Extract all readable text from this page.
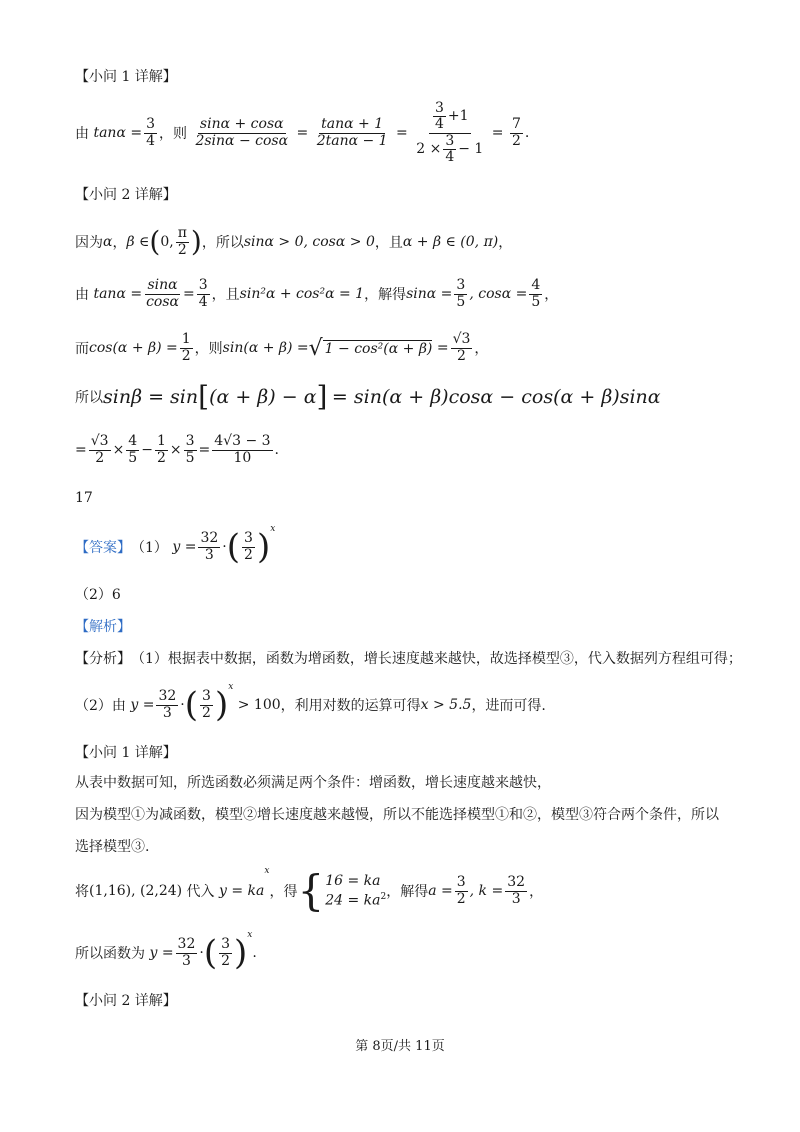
【小问 1 详解】
由
$\tan\alpha = \frac{3}{4}$ ，则
$\frac{\sin\alpha + \cos\alpha}{2\sin\alpha - \cos\alpha}$
=
$\frac{\tan\alpha + 1}{2\tan\alpha - 1}$
=
3
4
+1
$2 \times \frac{3}{4} - 1$
=
$\frac{7}{2}$ .
【小问 2 详解】
因为 α ， β
∈ ( 0,
π
2 ) ，所以 sinα > 0, cosα > 0 ，且 α + β ∈ (0, π) ，
由
$\tan\alpha = \frac{\sin\alpha}{\cos\alpha} = \frac{3}{4}$ ，且 sin²α + cos²α = 1 ，解得 $\sin\alpha = \frac{3}{5}$ , $\cos\alpha = \frac{4}{5}$ ，
而 $\cos(\alpha + \beta) = \frac{1}{2}$ ，则 sin(α + β) = √ 1 − cos²(α + β)
= $\frac{√3}{2}$ ，
所以 sinβ = sin [ (α + β) − α ]
= sin(α + β)cosα − cos(α + β)sinα
= $\frac{√3}{2} \times \frac{4}{5} - \frac{1}{2} \times \frac{3}{5} = \frac{4√3 - 3}{10}$ .
17
【答案】 （1）
$y = \frac{32}{3}$ · ( 3
2 )$^x$
（2）6
【解析】
【分析】 （1）根据表中数据，函数为增函数，增长速度越来越快，故选择模型③，代入数据列方程组可得；
（2）由
$y = \frac{32}{3}$ · ( 3
2 )$^x$

> 100 ，利用对数的运算可得 x > 5.5 ，进而可得.
【小问 1 详解】
从表中数据可知，所选函数必须满足两个条件：增函数，增长速度越来越快，
因为模型①为减函数，模型②增长速度越来越慢，所以不能选择模型①和②，模型③符合两个条件，所以
选择模型③.
将 (1,16), (2,24)
代入
y = ka
x
，得 { 16 = ka
$24 = ka^2$ ，解得 $a = \frac{3}{2}$ , $k = \frac{32}{3}$ ，
所以函数为
$y = \frac{32}{3}$ · ( 3
2 )$^x$
.
【小问 2 详解】
第 8页/共 11页
